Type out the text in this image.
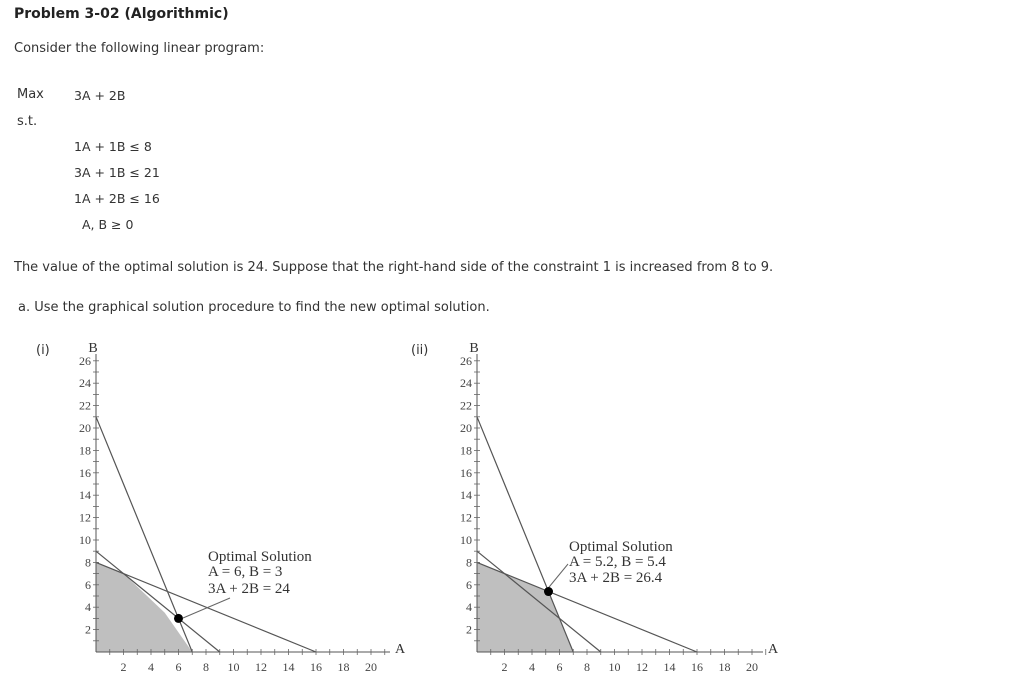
Problem 3-02 (Algorithmic)
Consider the following linear program:
Max 3A + 2B
s.t.
1A + 1B ≤ 8
3A + 1B ≤ 21
1A + 2B ≤ 16
A, B ≥ 0
The value of the optimal solution is 24. Suppose that the right-hand side of the constraint 1 is increased from 8 to 9.
a. Use the graphical solution procedure to find the new optimal solution.
(i)
2 4 6 8 10 12 14 16 18 20
2
4
6
8
10
12
14
16
18
20
22
24
26
B
A
Optimal Solution
A = 6, B = 3
3A + 2B = 24
(ii)
2 4 6 8 10 12 14 16 18 20
2
4
6
8
10
12
14
16
18
20
22
24
26
B
A
Optimal Solution
A = 5.2, B = 5.4
3A + 2B = 26.4
